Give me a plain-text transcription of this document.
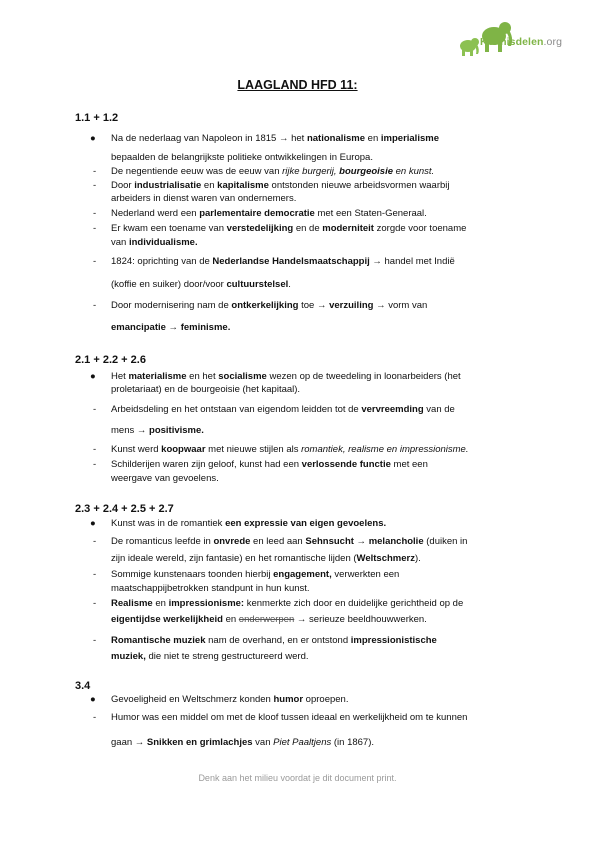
Kennisdelen.org
LAAGLAND HFD 11:

1.1 + 1.2

2.1 + 2.2 + 2.6

2.3 + 2.4 + 2.5 + 2.7

3.4

● Na de nederlaag van Napoleon in 1815 → het nationalisme en imperialisme
bepaalden de belangrijkste politieke ontwikkelingen in Europa.
- De negentiende eeuw was de eeuw van rijke burgerij, bourgeoisie en kunst.
- Door industrialisatie en kapitalisme ontstonden nieuwe arbeidsvormen waarbij
arbeiders in dienst waren van ondernemers.
- Nederland werd een parlementaire democratie met een Staten-Generaal.
- Er kwam een toename van verstedelijking en de moderniteit zorgde voor toename
van individualisme.
- 1824: oprichting van de Nederlandse Handelsmaatschappij → handel met Indië
(koffie en suiker) door/voor cultuurstelsel.
- Door modernisering nam de ontkerkelijking toe → verzuiling → vorm van
emancipatie → feminisme.
● Het materialisme en het socialisme wezen op de tweedeling in loonarbeiders (het
proletariaat) en de bourgeoisie (het kapitaal).
- Arbeidsdeling en het ontstaan van eigendom leidden tot de vervreemding van de
mens → positivisme.
- Kunst werd koopwaar met nieuwe stijlen als romantiek, realisme en impressionisme.
- Schilderijen waren zijn geloof, kunst had een verlossende functie met een
weergave van gevoelens.
● Kunst was in de romantiek een expressie van eigen gevoelens.
- De romanticus leefde in onvrede en leed aan Sehnsucht → melancholie (duiken in
zijn ideale wereld, zijn fantasie) en het romantische lijden (Weltschmerz).
- Sommige kunstenaars toonden hierbij engagement, verwerkten een
maatschappijbetrokken standpunt in hun kunst.
- Realisme en impressionisme: kenmerkte zich door en duidelijke gerichtheid op de
eigentijdse werkelijkheid en onderwerpen → serieuze beeldhouwwerken.
- Romantische muziek nam de overhand, en er ontstond impressionistische
muziek, die niet te streng gestructureerd werd.
● Gevoeligheid en Weltschmerz konden humor oproepen.
- Humor was een middel om met de kloof tussen ideaal en werkelijkheid om te kunnen
gaan → Snikken en grimlachjes van Piet Paaltjens (in 1867).
Denk aan het milieu voordat je dit document print.
